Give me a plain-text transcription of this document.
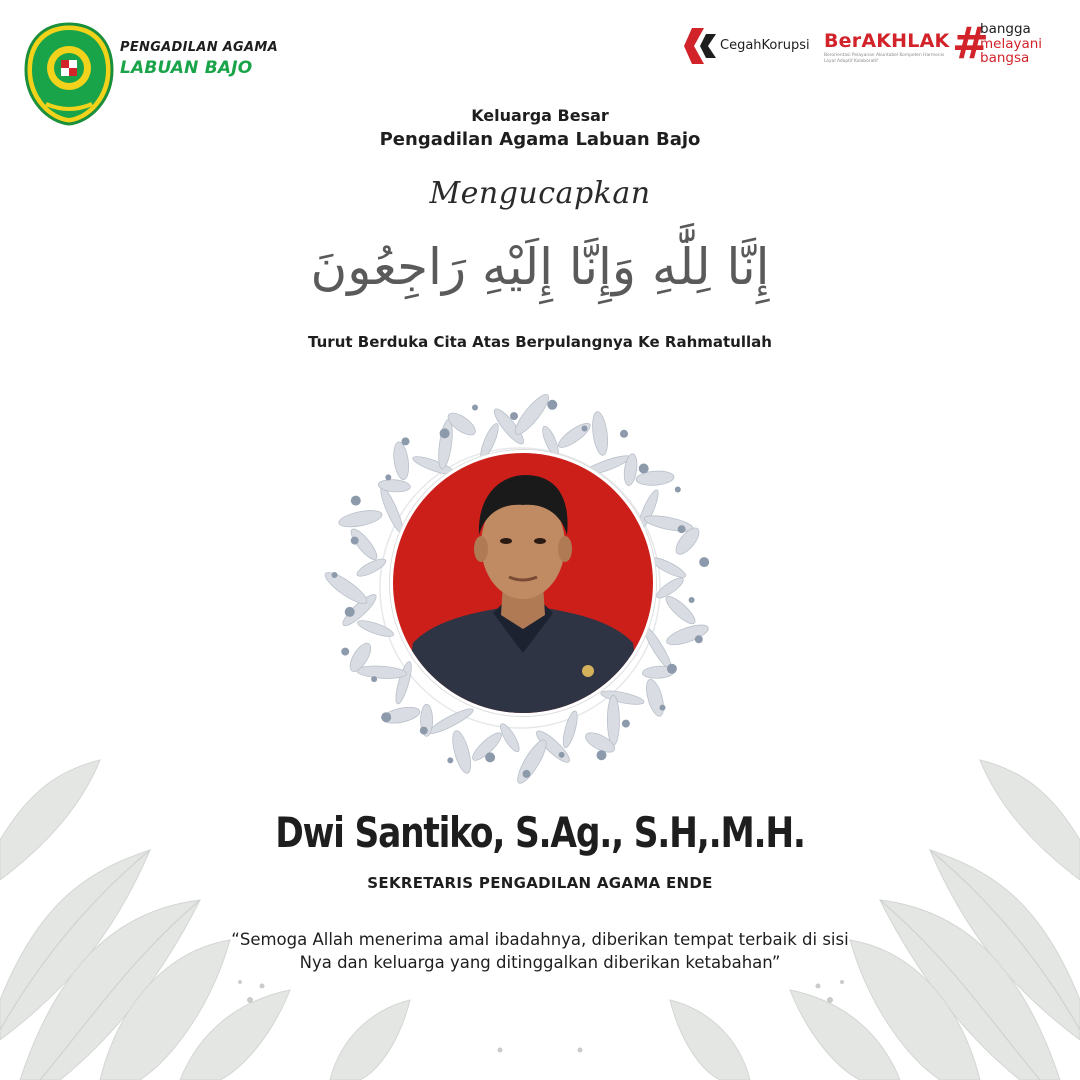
PENGADILAN AGAMA
LABUAN BAJO
CegahKorupsi BerAKHLAK
Berorientasi Pelayanan Akuntabel Kompeten Harmonis Loyal Adaptif Kolaboratif	#
bangga
melayani
bangsa
Keluarga Besar
Pengadilan Agama Labuan Bajo
Mengucapkan
إِنَّا لِلَّٰهِ وَإِنَّا إِلَيْهِ رَاجِعُونَ
Turut Berduka Cita Atas Berpulangnya Ke Rahmatullah
Dwi Santiko, S.Ag., S.H,.M.H.
SEKRETARIS PENGADILAN AGAMA ENDE
“Semoga Allah menerima amal ibadahnya, diberikan tempat terbaik di sisi
Nya dan keluarga yang ditinggalkan diberikan ketabahan”
